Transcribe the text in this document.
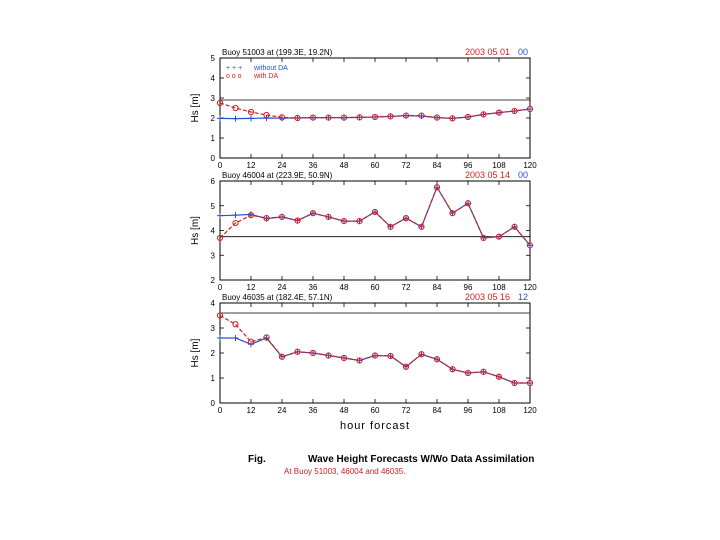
Buoy 51003 at (199.3E, 19.2N)	2003 05 01 00
0	12	24	36	48	60	72	84	96 108 120
0
1
2
3
4
5
Hs [m]
+ + + without DA
o o o with DA
Buoy 46004 at (223.9E, 50.9N)	2003 05 14 00
0	12	24	36	48	60	72	84	96 108 120
2
3
4
5
6
Hs [m]
Buoy 46035 at (182.4E, 57.1N)	2003 05 16 12
0	12	24	36	48	60	72	84	96 108 120
0
1
2
3
4
Hs [m]
hour forcast
Fig.	Wave Height Forecasts W/Wo Data Assimilation
At Buoy 51003, 46004 and 46035.
